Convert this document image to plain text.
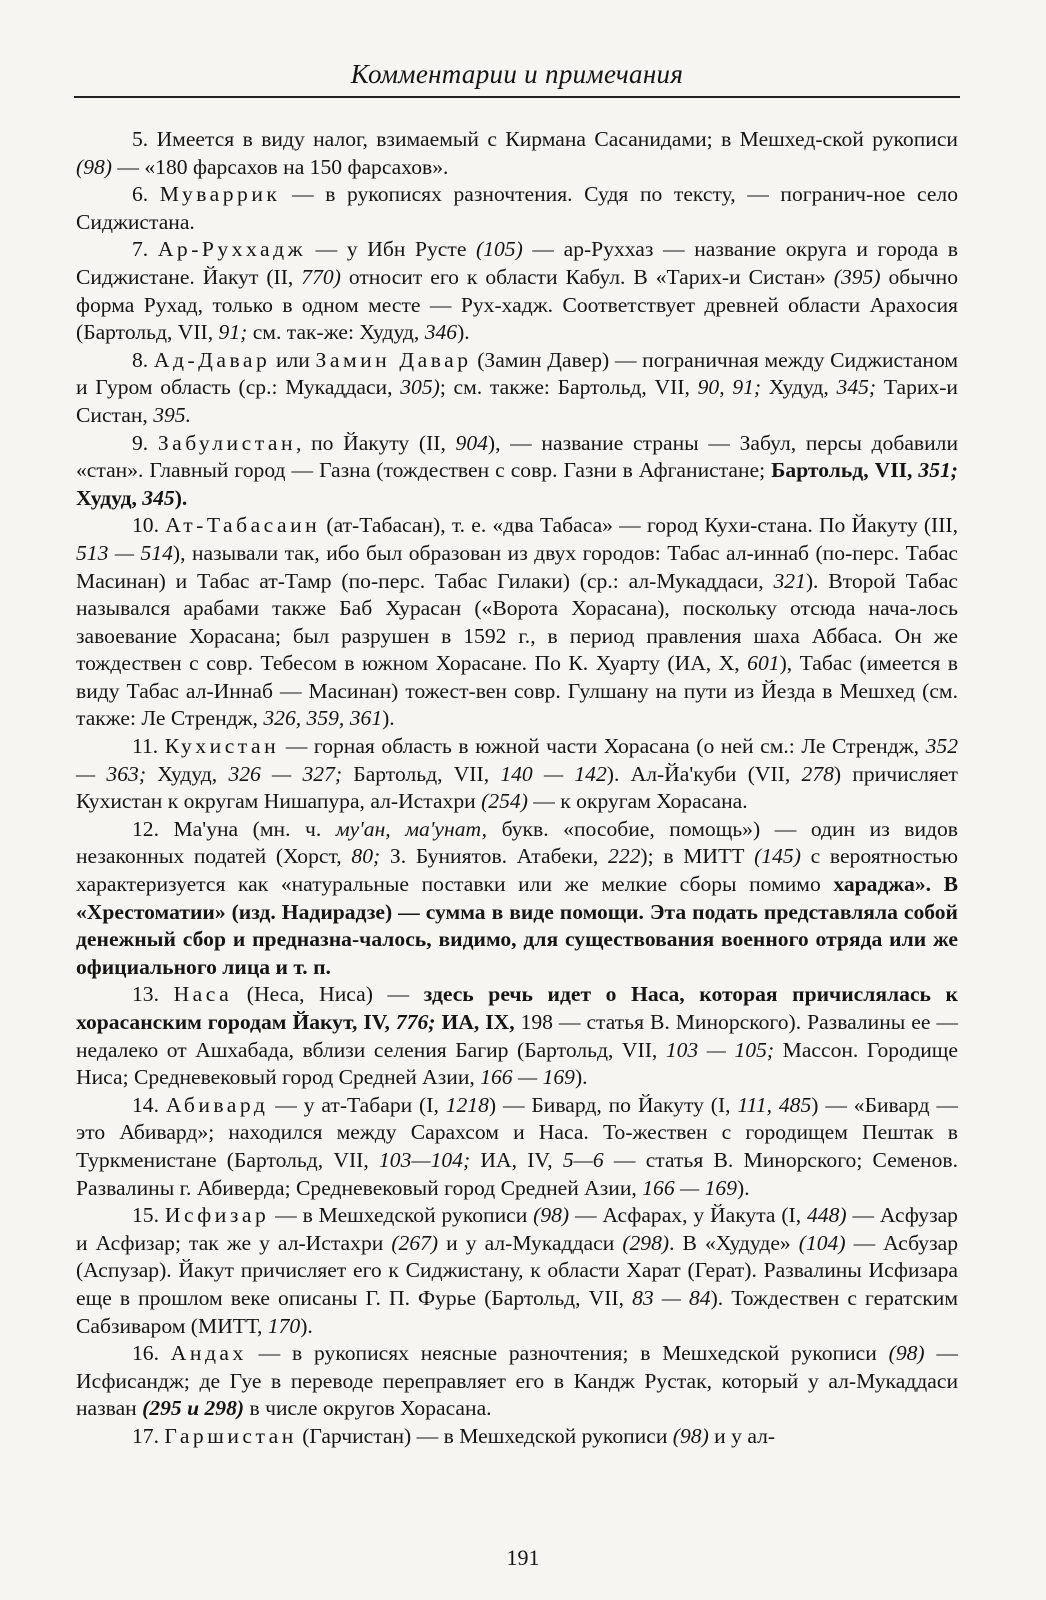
Комментарии и примечания

5. Имеется в виду налог, взимаемый с Кирмана Сасанидами; в Мешхед-ской рукописи (98) — «180 фарсахов на 150 фарсахов».

6. Муваррик — в рукописях разночтения. Судя по тексту, — погранич-ное село Сиджистана.

7. Ар-Руххадж — у Ибн Русте (105) — ар-Руххаз — название округа и города в Сиджистане. Йакут (II, 770) относит его к области Кабул. В «Тарих-и Систан» (395) обычно форма Рухад, только в одном месте — Рух-хадж. Соответствует древней области Арахосия (Бартольд, VII, 91; см. так-же: Худуд, 346).

8. Ад-Давар или Замин Давар (Замин Давер) — пограничная между Сиджистаном и Гуром область (ср.: Мукаддаси, 305); см. также: Бартольд, VII, 90, 91; Худуд, 345; Тарих-и Систан, 395.

9. Забулистан, по Йакуту (II, 904), — название страны — Забул, персы добавили «стан». Главный город — Газна (тождествен с совр. Газни в Афганистане; Бартольд, VII, 351; Худуд, 345).

10. Ат-Табасаин (ат-Табасан), т. е. «два Табаса» — город Кухи-стана. По Йакуту (III, 513 — 514), называли так, ибо был образован из двух городов: Табас ал-иннаб (по-перс. Табас Масинан) и Табас ат-Тамр (по-перс. Табас Гилаки) (ср.: ал-Мукаддаси, 321). Второй Табас назывался арабами также Баб Хурасан («Ворота Хорасана), поскольку отсюда нача-лось завоевание Хорасана; был разрушен в 1592 г., в период правления шаха Аббаса. Он же тождествен с совр. Тебесом в южном Хорасане. По К. Хуарту (ИА, X, 601), Табас (имеется в виду Табас ал-Иннаб — Масинан) тожест-вен совр. Гулшану на пути из Йезда в Мешхед (см. также: Ле Стрендж, 326, 359, 361).

11. Кухистан — горная область в южной части Хорасана (о ней см.: Ле Стрендж, 352 — 363; Худуд, 326 — 327; Бартольд, VII, 140 — 142). Ал-Йа'куби (VII, 278) причисляет Кухистан к округам Нишапура, ал-Истахри (254) — к округам Хорасана.

12. Ма'уна (мн. ч. му'ан, ма'унат, букв. «пособие, помощь») — один из видов незаконных податей (Хорст, 80; З. Буниятов. Атабеки, 222); в МИТТ (145) с вероятностью характеризуется как «натуральные поставки или же мелкие сборы помимо хараджа». В «Хрестоматии» (изд. Надирадзе) — сумма в виде помощи. Эта подать представляла собой денежный сбор и предназна-чалось, видимо, для существования военного отряда или же официального лица и т. п.

13. Наса (Неса, Ниса) — здесь речь идет о Наса, которая причислялась к хорасанским городам Йакут, IV, 776; ИА, IX, 198 — статья В. Минорского). Развалины ее — недалеко от Ашхабада, вблизи селения Багир (Бартольд, VII, 103 — 105; Массон. Городище Ниса; Средневековый город Средней Азии, 166 — 169).

14. Абивард — у ат-Табари (I, 1218) — Бивард, по Йакуту (I, 111, 485) — «Бивард — это Абивард»; находился между Сарахсом и Наса. То-жествен с городищем Пештак в Туркменистане (Бартольд, VII, 103—104; ИА, IV, 5—6 — статья В. Минорского; Семенов. Развалины г. Абиверда; Средневековый город Средней Азии, 166 — 169).

15. Исфизар — в Мешхедской рукописи (98) — Асфарах, у Йакута (I, 448) — Асфузар и Асфизар; так же у ал-Истахри (267) и у ал-Мукаддаси (298). В «Худуде» (104) — Асбузар (Аспузар). Йакут причисляет его к Сиджистану, к области Харат (Герат). Развалины Исфизара еще в прошлом веке описаны Г. П. Фурье (Бартольд, VII, 83 — 84). Тождествен с гератским Сабзиваром (МИТТ, 170).

16. Андах — в рукописях неясные разночтения; в Мешхедской рукописи (98) — Исфисандж; де Гуе в переводе переправляет его в Кандж Рустак, который у ал-Мукаддаси назван (295 и 298) в числе округов Хорасана.

17. Гаршистан (Гарчистан) — в Мешхедской рукописи (98) и у ал-

191
